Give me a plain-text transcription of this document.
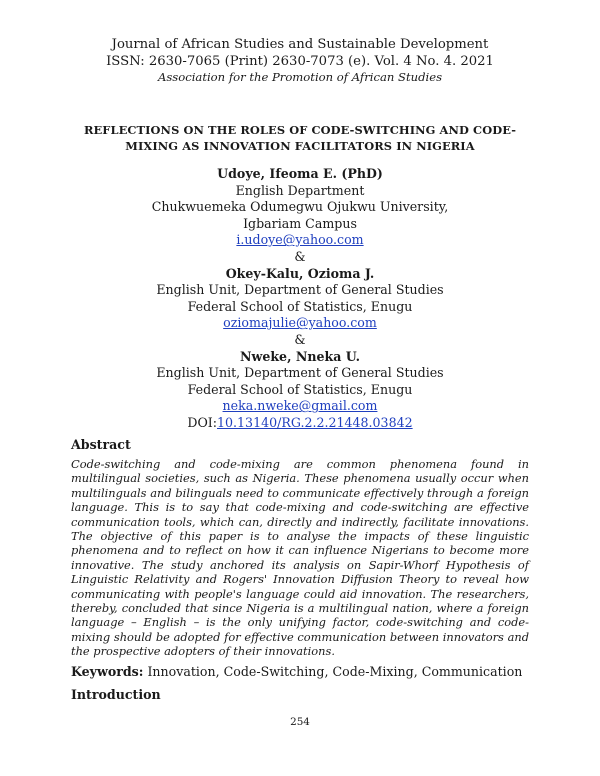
Journal of African Studies and Sustainable Development
ISSN: 2630-7065 (Print) 2630-7073 (e). Vol. 4 No. 4. 2021
Association for the Promotion of African Studies
REFLECTIONS ON THE ROLES OF CODE-SWITCHING AND CODE-MIXING AS INNOVATION FACILITATORS IN NIGERIA
Udoye, Ifeoma E. (PhD)
English Department
Chukwuemeka Odumegwu Ojukwu University,
Igbariam Campus
i.udoye@yahoo.com
&
Okey-Kalu, Ozioma J.
English Unit, Department of General Studies
Federal School of Statistics, Enugu
oziomajulie@yahoo.com
&
Nweke, Nneka U.
English Unit, Department of General Studies
Federal School of Statistics, Enugu
neka.nweke@gmail.com
DOI:10.13140/RG.2.2.21448.03842
Abstract
Code-switching and code-mixing are common phenomena found in multilingual societies, such as Nigeria. These phenomena usually occur when multilinguals and bilinguals need to communicate effectively through a foreign language. This is to say that code-mixing and code-switching are effective communication tools, which can, directly and indirectly, facilitate innovations. The objective of this paper is to analyse the impacts of these linguistic phenomena and to reflect on how it can influence Nigerians to become more innovative. The study anchored its analysis on Sapir-Whorf Hypothesis of Linguistic Relativity and Rogers' Innovation Diffusion Theory to reveal how communicating with people's language could aid innovation. The researchers, thereby, concluded that since Nigeria is a multilingual nation, where a foreign language – English – is the only unifying factor, code-switching and code-mixing should be adopted for effective communication between innovators and the prospective adopters of their innovations.
Keywords: Innovation, Code-Switching, Code-Mixing, Communication
Introduction
254
